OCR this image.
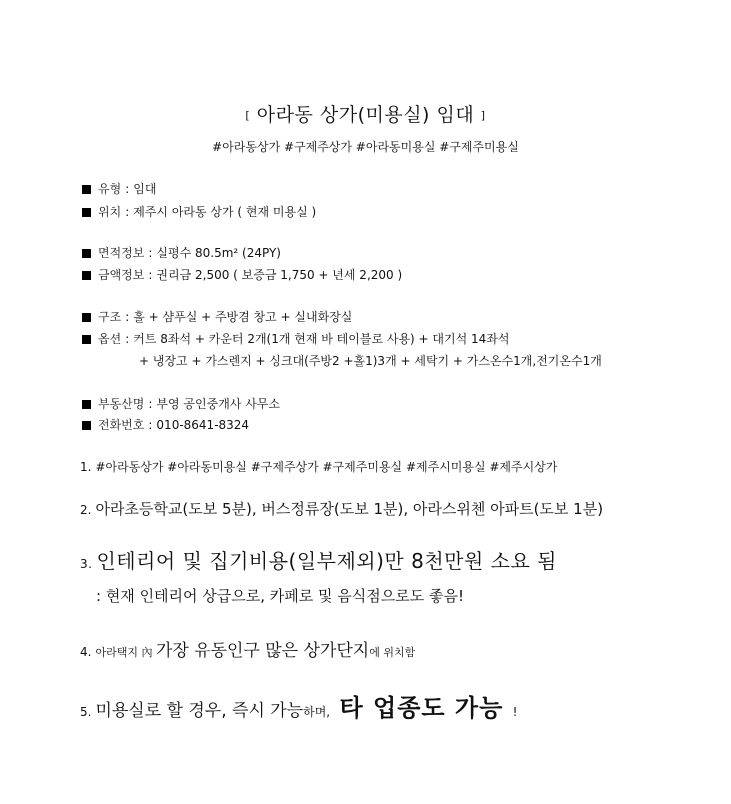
[ 아라동 상가(미용실) 임대 ]
#아라동상가 #구제주상가 #아라동미용실 #구제주미용실
유형 : 임대
위치 : 제주시 아라동 상가 ( 현재 미용실 )
면적정보 : 실평수 80.5m² (24PY)
금액정보 : 권리금 2,500 ( 보증금 1,750 + 년세 2,200 )
구조 : 홀 + 샴푸실 + 주방겸 창고 + 실내화장실
옵션 : 커트 8좌석 + 카운터 2개(1개 현재 바 테이블로 사용) + 대기석 14좌석
+ 냉장고 + 가스렌지 + 싱크대(주방2 +홀1)3개 + 세탁기 + 가스온수1개,전기온수1개
부동산명 : 부영 공인중개사 사무소
전화번호 : 010-8641-8324
1. #아라동상가 #아라동미용실 #구제주상가 #구제주미용실 #제주시미용실 #제주시상가
2. 아라초등학교(도보 5분), 버스정류장(도보 1분), 아라스위첸 아파트(도보 1분)
3. 인테리어 및 집기비용(일부제외)만 8천만원 소요 됨
: 현재 인테리어 상급으로, 카페로 및 음식점으로도 좋음!
4. 아라택지 內 가장 유동인구 많은 상가단지에 위치함
5. 미용실로 할 경우, 즉시 가능하며, 타 업종도 가능 !
